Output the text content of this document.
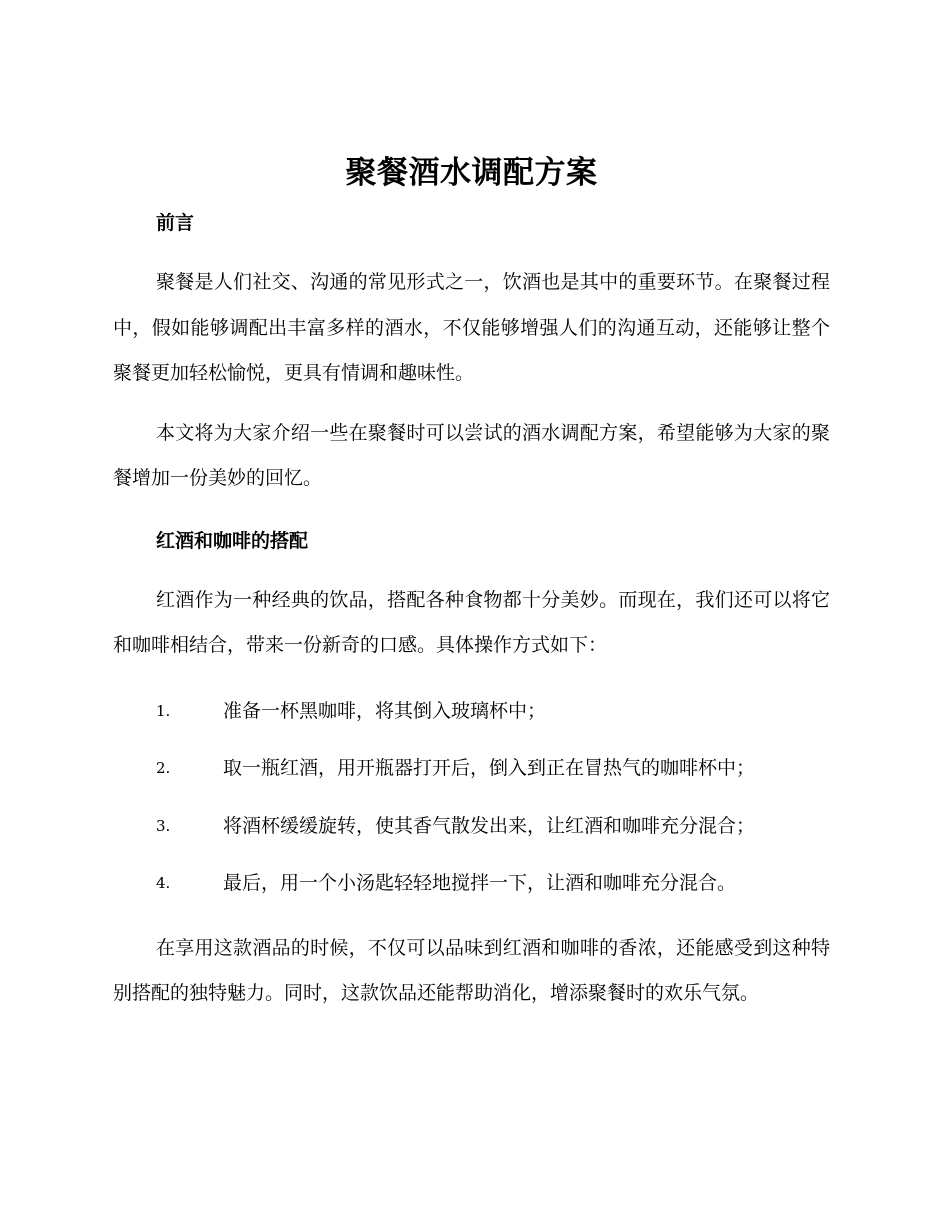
聚餐酒水调配方案
前言

聚餐是人们社交、沟通的常见形式之一，饮酒也是其中的重要环节。在聚餐过程中，假如能够调配出丰富多样的酒水，不仅能够增强人们的沟通互动，还能够让整个聚餐更加轻松愉悦，更具有情调和趣味性。

本文将为大家介绍一些在聚餐时可以尝试的酒水调配方案，希望能够为大家的聚餐增加一份美妙的回忆。

红酒和咖啡的搭配

红酒作为一种经典的饮品，搭配各种食物都十分美妙。而现在，我们还可以将它和咖啡相结合，带来一份新奇的口感。具体操作方式如下：

1.	准备一杯黑咖啡，将其倒入玻璃杯中；
2.	取一瓶红酒，用开瓶器打开后，倒入到正在冒热气的咖啡杯中；
3.	将酒杯缓缓旋转，使其香气散发出来，让红酒和咖啡充分混合；
4.	最后，用一个小汤匙轻轻地搅拌一下，让酒和咖啡充分混合。

在享用这款酒品的时候，不仅可以品味到红酒和咖啡的香浓，还能感受到这种特别搭配的独特魅力。同时，这款饮品还能帮助消化，增添聚餐时的欢乐气氛。
